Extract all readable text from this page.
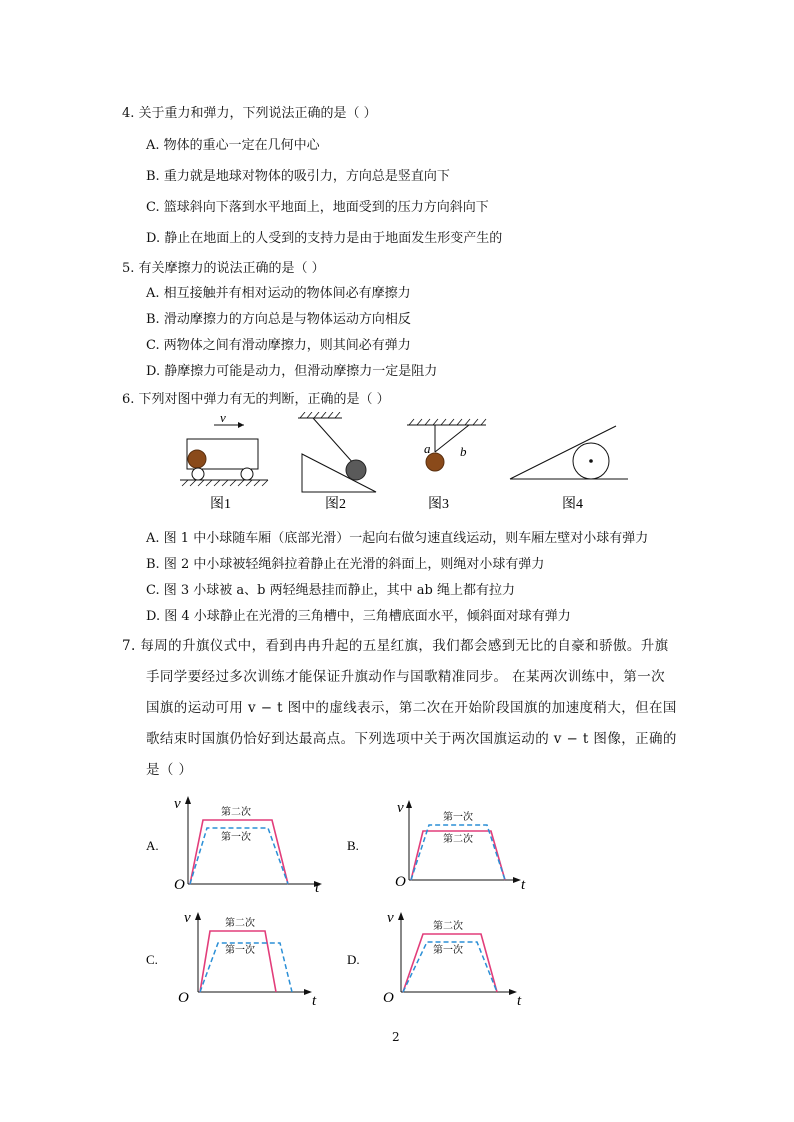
4. 关于重力和弹力，下列说法正确的是（ ）
A. 物体的重心一定在几何中心
B. 重力就是地球对物体的吸引力，方向总是竖直向下
C. 篮球斜向下落到水平地面上，地面受到的压力方向斜向下
D. 静止在地面上的人受到的支持力是由于地面发生形变产生的
5. 有关摩擦力的说法正确的是（ ）
A. 相互接触并有相对运动的物体间必有摩擦力
B. 滑动摩擦力的方向总是与物体运动方向相反
C. 两物体之间有滑动摩擦力，则其间必有弹力
D. 静摩擦力可能是动力，但滑动摩擦力一定是阻力
6. 下列对图中弹力有无的判断，正确的是（ ）
v
图1	图2
a b
图3	图4
A. 图 1 中小球随车厢（底部光滑）一起向右做匀速直线运动，则车厢左壁对小球有弹力
B. 图 2 中小球被轻绳斜拉着静止在光滑的斜面上，则绳对小球有弹力
C. 图 3 小球被 a、b 两轻绳悬挂而静止，其中 ab 绳上都有拉力
D. 图 4 小球静止在光滑的三角槽中，三角槽底面水平，倾斜面对球有弹力
7. 每周的升旗仪式中，看到冉冉升起的五星红旗，我们都会感到无比的自豪和骄傲。升旗
手同学要经过多次训练才能保证升旗动作与国歌精准同步。 在某两次训练中，第一次
国旗的运动可用 v − t 图中的虚线表示，第二次在开始阶段国旗的加速度稍大，但在国
歌结束时国旗仍恰好到达最高点。下列选项中关于两次国旗运动的 v − t 图像，正确的
是（ ）
A.
v
t
O
第二次
第一次
B.
v
t
O
第一次
第二次
C.
v
t
O
第二次
第一次
D.
v
t
O
第二次
第一次
2
